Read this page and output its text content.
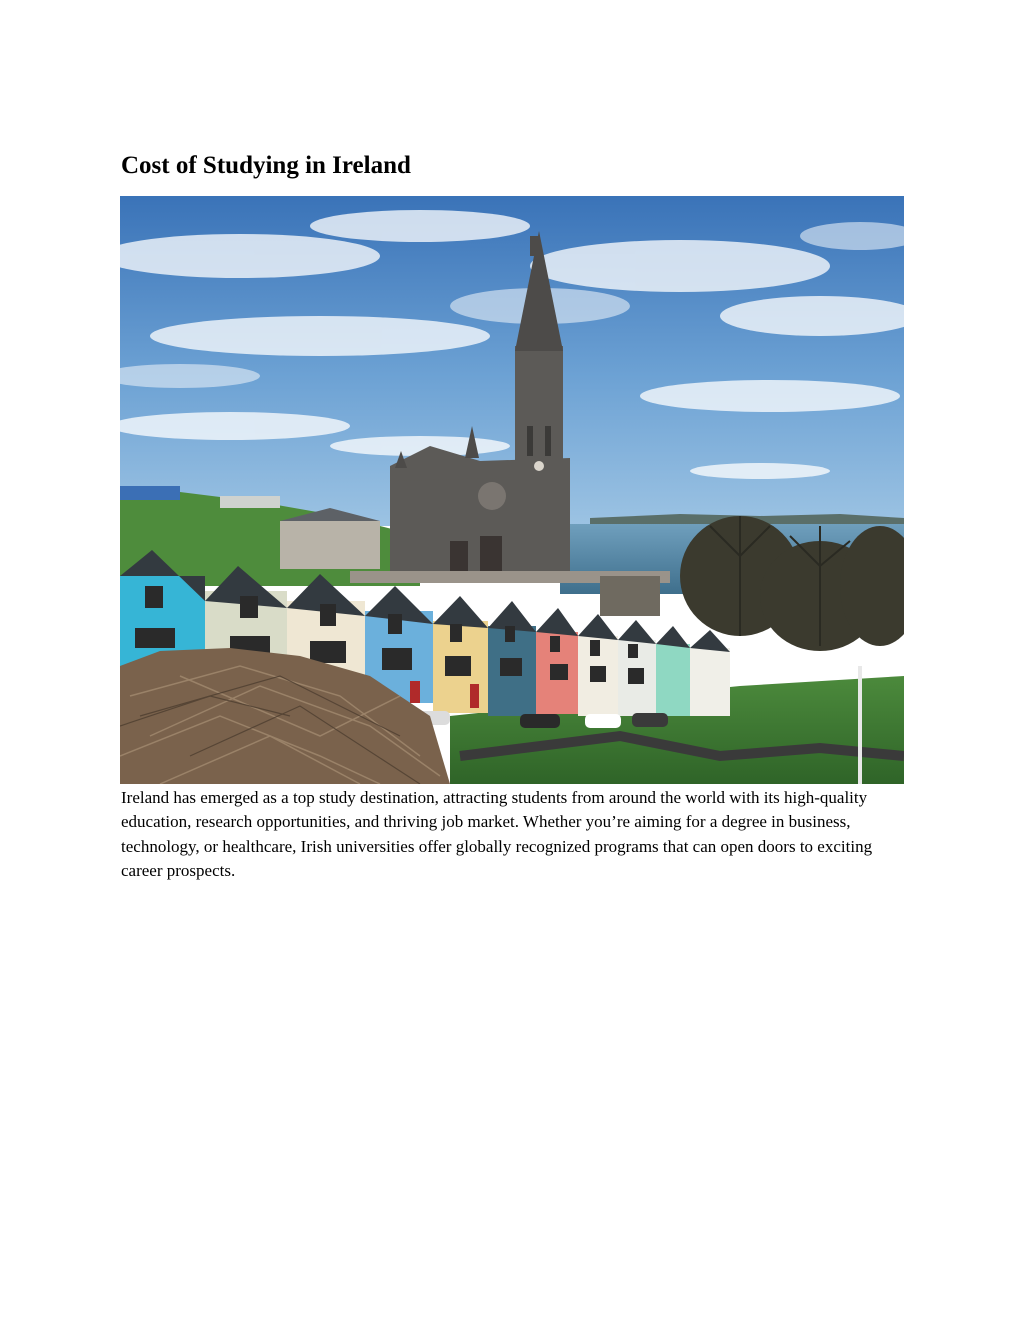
Cost of Studying in Ireland

Ireland has emerged as a top study destination, attracting students from around the world with its high-quality education, research opportunities, and thriving job market. Whether you’re aiming for a degree in business, technology, or healthcare, Irish universities offer globally recognized programs that can open doors to exciting career prospects.
